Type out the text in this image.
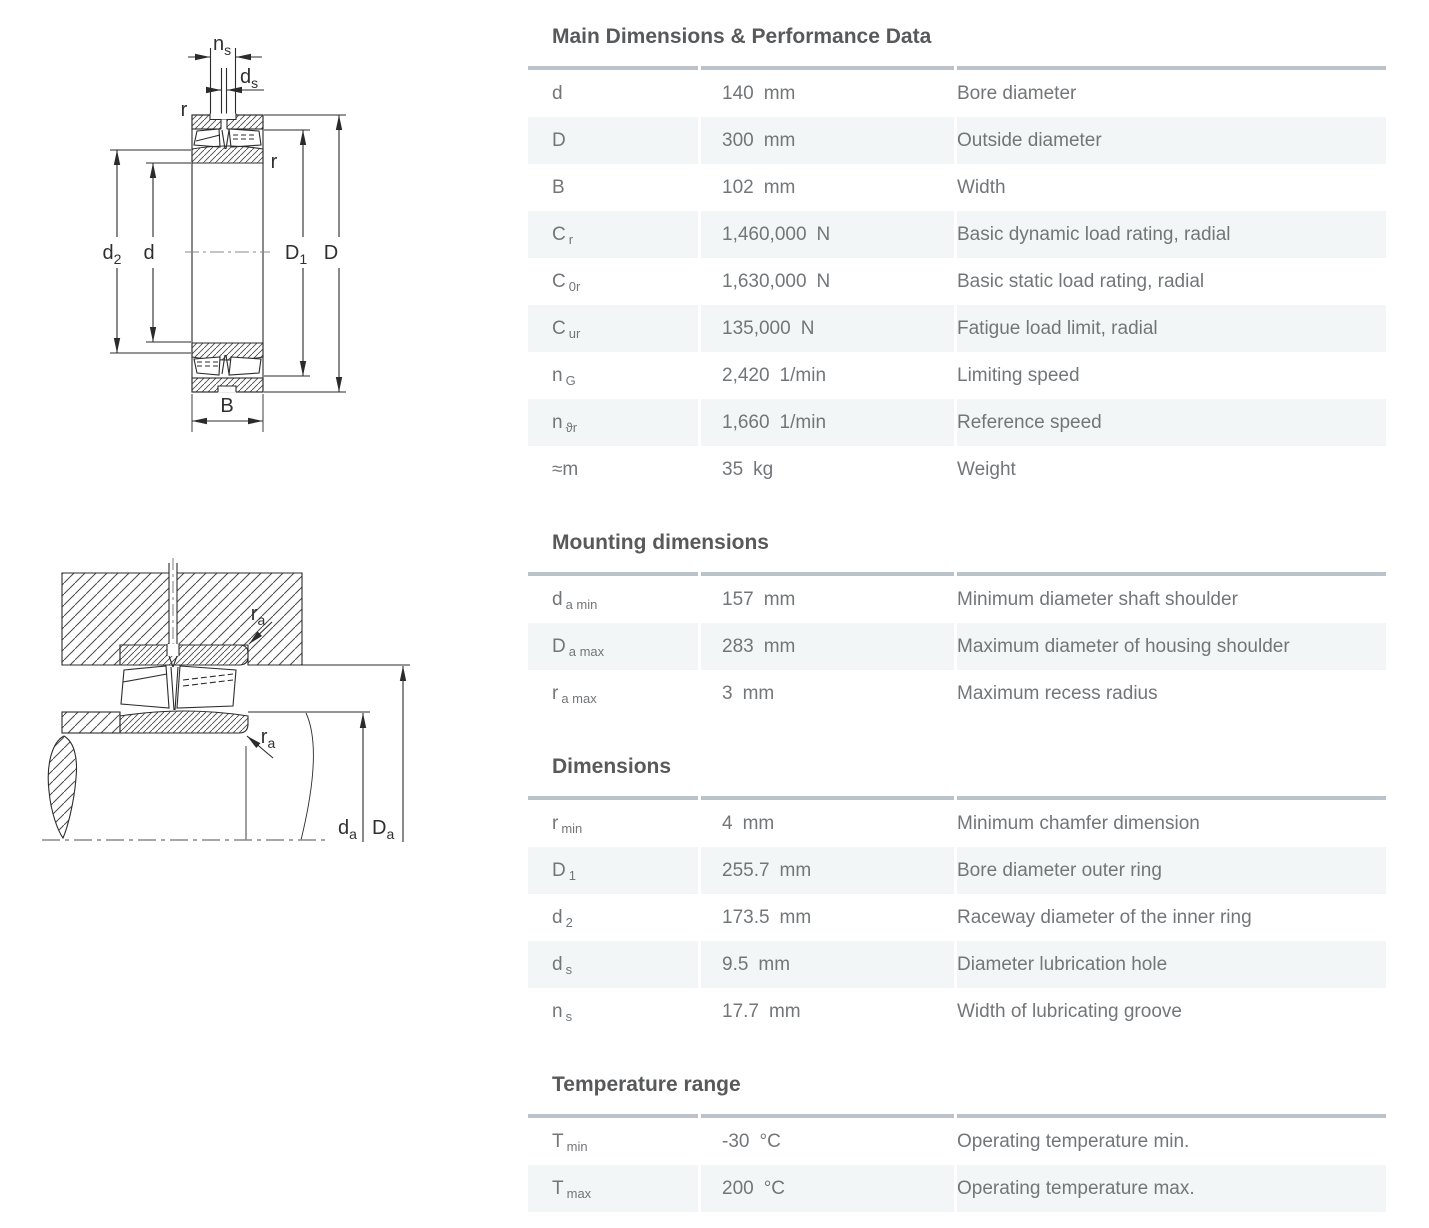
$n_s$
$d_s$
r
r
$d_2$ d	$D_1$ D
B
$r_a$
$r_a$
$d_a$ $D_a$
Main Dimensions & Performance Data
d	140 mm	Bore diameter
D	300 mm	Outside diameter
B	102 mm	Width
C r	1,460,000 N	Basic dynamic load rating, radial
C 0r	1,630,000 N	Basic static load rating, radial
C ur	135,000 N	Fatigue load limit, radial
n G	2,420 1/min	Limiting speed
n ϑr	1,660 1/min	Reference speed
≈m	35 kg	Weight
Mounting dimensions
d a min	157 mm	Minimum diameter shaft shoulder
D a max	283 mm	Maximum diameter of housing shoulder
r a max	3 mm	Maximum recess radius
Dimensions
r min	4 mm	Minimum chamfer dimension
D 1	255.7 mm	Bore diameter outer ring
d 2	173.5 mm	Raceway diameter of the inner ring
d s	9.5 mm	Diameter lubrication hole
n s	17.7 mm	Width of lubricating groove
Temperature range
T min	-30 °C	Operating temperature min.
T max	200 °C	Operating temperature max.
